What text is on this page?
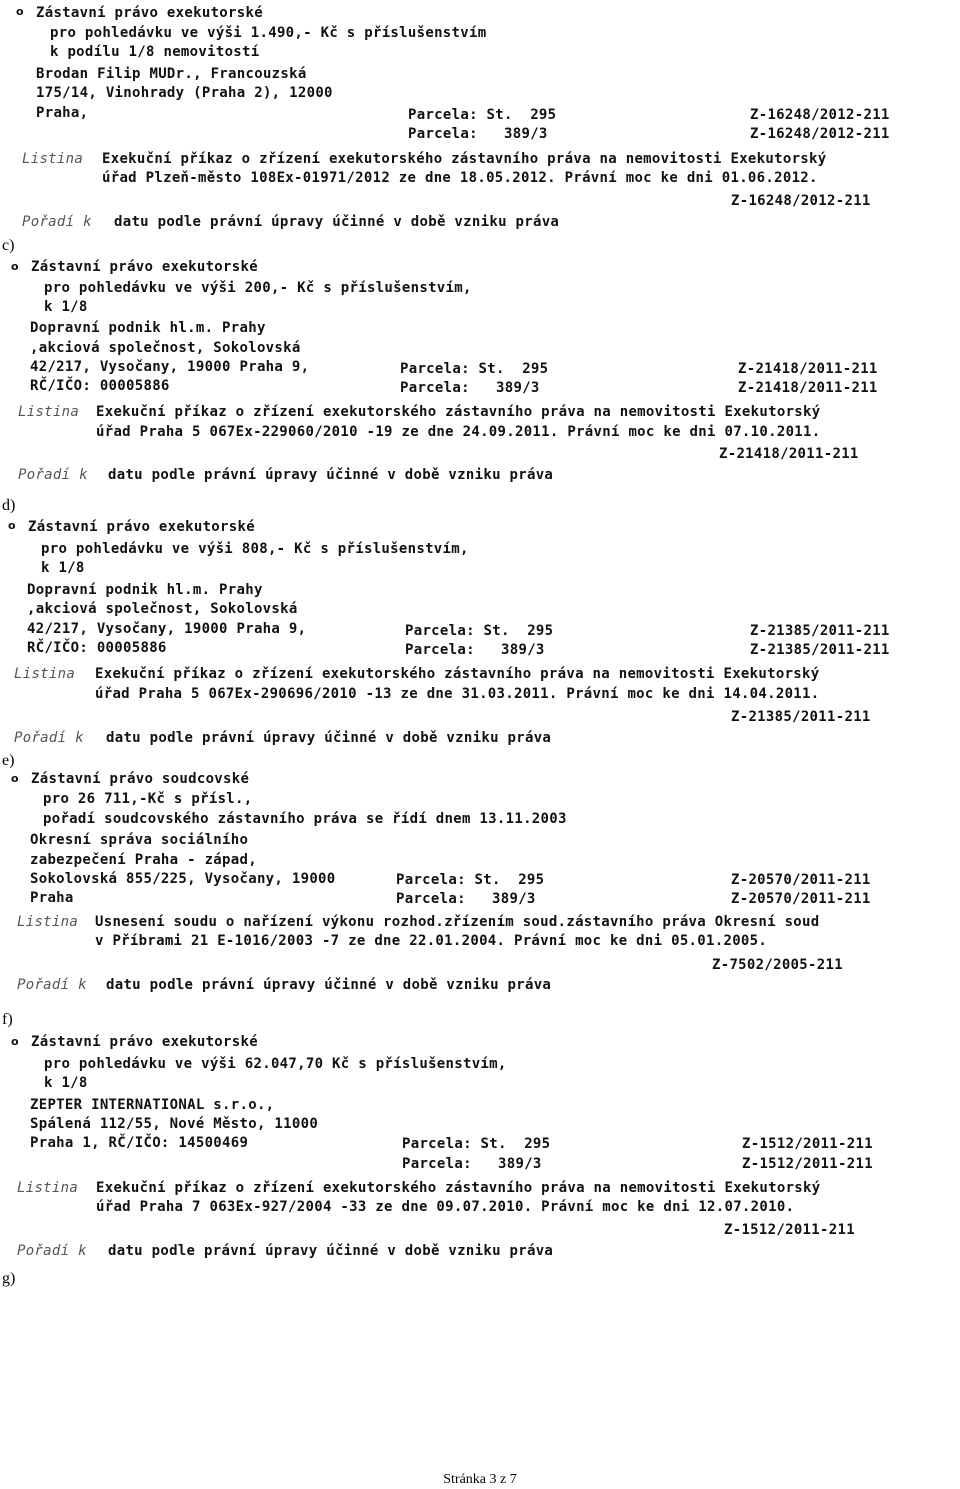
o Zástavní právo exekutorské
pro pohledávku ve výši 1.490,- Kč s příslušenstvím
k podílu 1/8 nemovitostí
Brodan Filip MUDr., Francouzská
175/14, Vinohrady (Praha 2), 12000
Praha,	Parcela: St.  295
Parcela:   389/3
Z-16248/2012-211
Z-16248/2012-211
Listina Exekuční příkaz o zřízení exekutorského zástavního práva na nemovitosti Exekutorský
úřad Plzeň-město 108Ex-01971/2012 ze dne 18.05.2012. Právní moc ke dni 01.06.2012.
Z-16248/2012-211
Pořadí k datu podle právní úpravy účinné v době vzniku práva
c)
o Zástavní právo exekutorské
pro pohledávku ve výši 200,- Kč s příslušenstvím,
k 1/8
Dopravní podnik hl.m. Prahy
,akciová společnost, Sokolovská
42/217, Vysočany, 19000 Praha 9,
RČ/IČO: 00005886
Parcela: St.  295
Parcela:   389/3
Z-21418/2011-211
Z-21418/2011-211
Listina Exekuční příkaz o zřízení exekutorského zástavního práva na nemovitosti Exekutorský
úřad Praha 5 067Ex-229060/2010 -19 ze dne 24.09.2011. Právní moc ke dni 07.10.2011.
Z-21418/2011-211
Pořadí k datu podle právní úpravy účinné v době vzniku práva
d)
o Zástavní právo exekutorské
pro pohledávku ve výši 808,- Kč s příslušenstvím,
k 1/8
Dopravní podnik hl.m. Prahy
,akciová společnost, Sokolovská
42/217, Vysočany, 19000 Praha 9,
RČ/IČO: 00005886
Parcela: St.  295
Parcela:   389/3
Z-21385/2011-211
Z-21385/2011-211
Listina Exekuční příkaz o zřízení exekutorského zástavního práva na nemovitosti Exekutorský
úřad Praha 5 067Ex-290696/2010 -13 ze dne 31.03.2011. Právní moc ke dni 14.04.2011.
Z-21385/2011-211
Pořadí k datu podle právní úpravy účinné v době vzniku práva
e)
o Zástavní právo soudcovské
pro 26 711,-Kč s přísl.,
pořadí soudcovského zástavního práva se řídí dnem 13.11.2003
Okresní správa sociálního
zabezpečení Praha - západ,
Sokolovská 855/225, Vysočany, 19000
Praha
Parcela: St.  295
Parcela:   389/3
Z-20570/2011-211
Z-20570/2011-211
Listina Usnesení soudu o nařízení výkonu rozhod.zřízením soud.zástavního práva Okresní soud
v Příbrami 21 E-1016/2003 -7 ze dne 22.01.2004. Právní moc ke dni 05.01.2005.
Z-7502/2005-211
Pořadí k datu podle právní úpravy účinné v době vzniku práva
f)
o Zástavní právo exekutorské
pro pohledávku ve výši 62.047,70 Kč s příslušenstvím,
k 1/8
ZEPTER INTERNATIONAL s.r.o.,
Spálená 112/55, Nové Město, 11000
Praha 1, RČ/IČO: 14500469	Parcela: St.  295
Parcela:   389/3
Z-1512/2011-211
Z-1512/2011-211
Listina Exekuční příkaz o zřízení exekutorského zástavního práva na nemovitosti Exekutorský
úřad Praha 7 063Ex-927/2004 -33 ze dne 09.07.2010. Právní moc ke dni 12.07.2010.
Z-1512/2011-211
Pořadí k datu podle právní úpravy účinné v době vzniku práva
g)
Stránka 3 z 7
